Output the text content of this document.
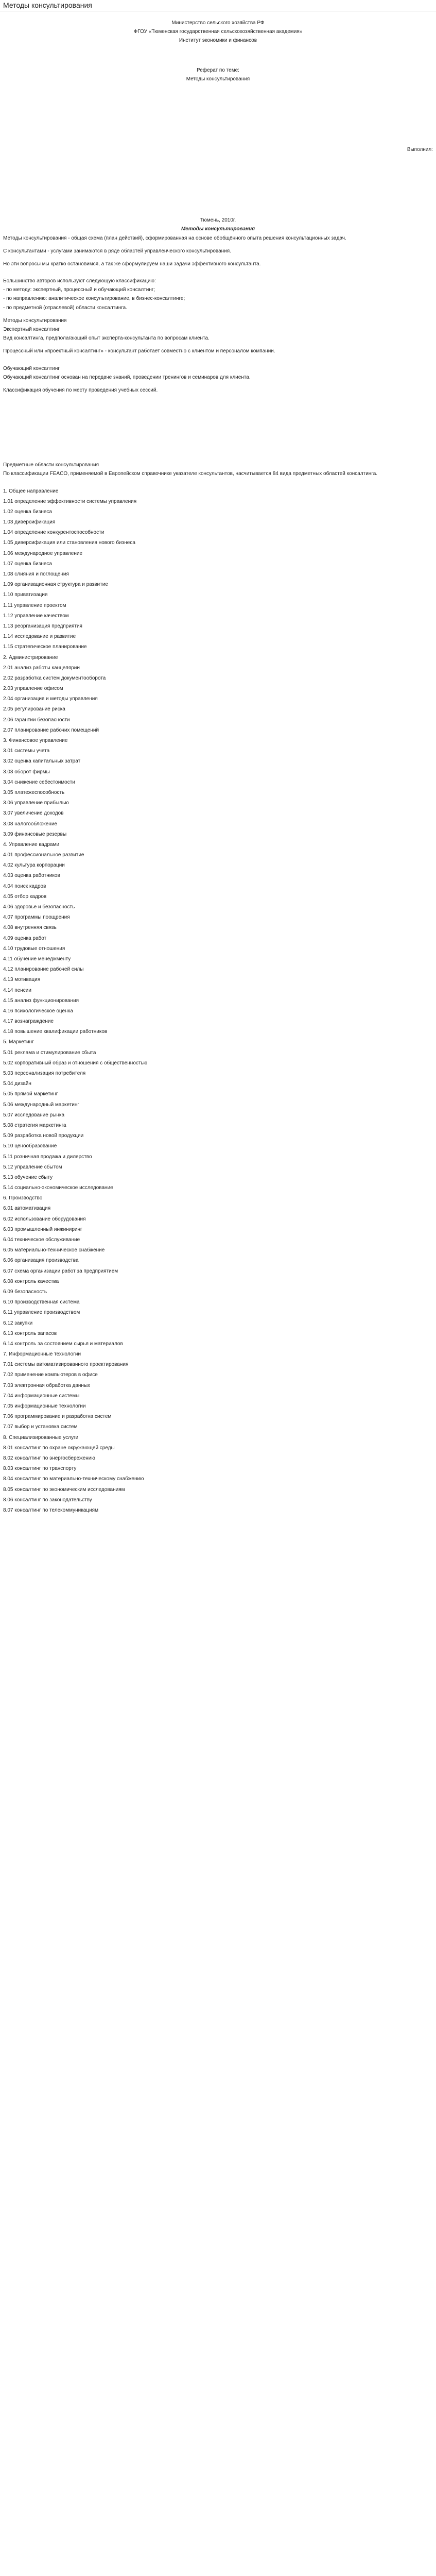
Методы консультирования

Министерство сельского хозяйства РФ

ФГОУ «Тюменская государственная сельскохозяйственная академия»

Институт экономики и финансов

Реферат по теме:

Методы консультирования

Выполнил:

Тюмень, 2010г.

Методы консультирования

Методы консультирования - общая схема (план действий), сформированная на основе обобщённого опыта решения консультационных задач.

С консультантами - услугами занимаются в ряде областей управленческого консультирования.

Но эти вопросы мы кратко остановимся, а так же сформулируем наши задачи эффективного консультанта.

Большинство авторов используют следующую классификацию:

- по методу: экспертный, процессный и обучающий консалтинг;

- по направлению: аналитическое консультирование, в бизнес-консалтинге;

- по предметной (отраслевой) области консалтинга.

Методы консультирования

Экспертный консалтинг

Вид консалтинга, предполагающий опыт эксперта-консультанта по вопросам клиента.

Процессный или «проектный консалтинг» - консультант работает совместно с клиентом и персоналом компании.

Обучающий консалтинг

Обучающий консалтинг основан на передаче знаний, проведении тренингов и семинаров для клиента.

Классификация обучения по месту проведения учебных сессий.

Предметные области консультирования

По классификации FEACO, применяемой в Европейском справочнике указателе консультантов, насчитывается 84 вида предметных областей консалтинга.

1. Общее направление
1.01 определение эффективности системы управления
1.02 оценка бизнеса
1.03 диверсификация
1.04 определение конкурентоспособности
1.05 диверсификация или становления нового бизнеса
1.06 международное управление
1.07 оценка бизнеса
1.08 слияния и поглощения
1.09 организационная структура и развитие
1.10 приватизация
1.11 управление проектом
1.12 управление качеством
1.13 реорганизация предприятия
1.14 исследование и развитие
1.15 стратегическое планирование
2. Администрирование
2.01 анализ работы канцелярии
2.02 разработка систем документооборота
2.03 управление офисом
2.04 организация и методы управления
2.05 регулирование риска
2.06 гарантии безопасности
2.07 планирование рабочих помещений
3. Финансовое управление
3.01 системы учета
3.02 оценка капитальных затрат
3.03 оборот фирмы
3.04 снижение себестоимости
3.05 платежеспособность
3.06 управление прибылью
3.07 увеличение доходов
3.08 налогообложение
3.09 финансовые резервы
4. Управление кадрами
4.01 профессиональное развитие
4.02 культура корпорации
4.03 оценка работников
4.04 поиск кадров
4.05 отбор кадров
4.06 здоровье и безопасность
4.07 программы поощрения
4.08 внутренняя связь
4.09 оценка работ
4.10 трудовые отношения
4.11 обучение менеджменту
4.12 планирование рабочей силы
4.13 мотивация
4.14 пенсии
4.15 анализ функционирования
4.16 психологическое оценка
4.17 вознаграждение
4.18 повышение квалификации работников
5. Маркетинг
5.01 реклама и стимулирование сбыта
5.02 корпоративный образ и отношения с общественностью
5.03 персонализация потребителя
5.04 дизайн
5.05 прямой маркетинг
5.06 международный маркетинг
5.07 исследование рынка
5.08 стратегия маркетинга
5.09 разработка новой продукции
5.10 ценообразование
5.11 розничная продажа и дилерство
5.12 управление сбытом
5.13 обучение сбыту
5.14 социально-экономическое исследование
6. Производство
6.01 автоматизация
6.02 использование оборудования
6.03 промышленный инжиниринг
6.04 техническое обслуживание
6.05 материально-техническое снабжение
6.06 организация производства
6.07 схема организации работ за предприятием
6.08 контроль качества
6.09 безопасность
6.10 производственная система
6.11 управление производством
6.12 закупки
6.13 контроль запасов
6.14 контроль за состоянием сырья и материалов
7. Информационные технологии
7.01 системы автоматизированного проектирования
7.02 применение компьютеров в офисе
7.03 электронная обработка данных
7.04 информационные системы
7.05 информационные технологии
7.06 программирование и разработка систем
7.07 выбор и установка систем
8. Специализированные услуги
8.01 консалтинг по охране окружающей среды
8.02 консалтинг по энергосбережению
8.03 консалтинг по транспорту
8.04 консалтинг по материально-техническому снабжению
8.05 консалтинг по экономическим исследованиям
8.06 консалтинг по законодательству
8.07 консалтинг по телекоммуникациям
